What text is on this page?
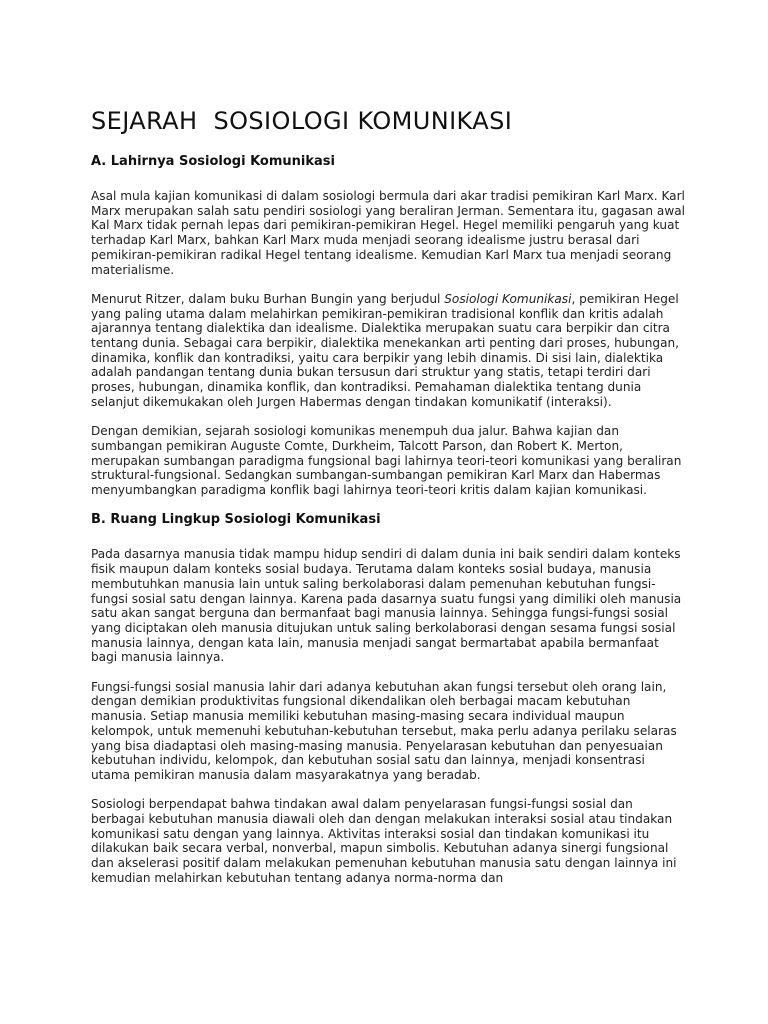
SEJARAH  SOSIOLOGI KOMUNIKASI
A. Lahirnya Sosiologi Komunikasi

Asal mula kajian komunikasi di dalam sosiologi bermula dari akar tradisi pemikiran Karl Marx. Karl Marx merupakan salah satu pendiri sosiologi yang beraliran Jerman. Sementara itu, gagasan awal Kal Marx tidak pernah lepas dari pemikiran-pemikiran Hegel. Hegel memiliki pengaruh yang kuat terhadap Karl Marx, bahkan Karl Marx muda menjadi seorang idealisme justru berasal dari pemikiran-pemikiran radikal Hegel tentang idealisme. Kemudian Karl Marx tua menjadi seorang materialisme.

Menurut Ritzer, dalam buku Burhan Bungin yang berjudul Sosiologi Komunikasi, pemikiran Hegel yang paling utama dalam melahirkan pemikiran-pemikiran tradisional konflik dan kritis adalah ajarannya tentang dialektika dan idealisme. Dialektika merupakan suatu cara berpikir dan citra tentang dunia. Sebagai cara berpikir, dialektika menekankan arti penting dari proses, hubungan, dinamika, konflik dan kontradiksi, yaitu cara berpikir yang lebih dinamis. Di sisi lain, dialektika adalah pandangan tentang dunia bukan tersusun dari struktur yang statis, tetapi terdiri dari proses, hubungan, dinamika konflik, dan kontradiksi. Pemahaman dialektika tentang dunia selanjut dikemukakan oleh Jurgen Habermas dengan tindakan komunikatif (interaksi).

Dengan demikian, sejarah sosiologi komunikas menempuh dua jalur. Bahwa kajian dan sumbangan pemikiran Auguste Comte, Durkheim, Talcott Parson, dan Robert K. Merton, merupakan sumbangan paradigma fungsional bagi lahirnya teori-teori komunikasi yang beraliran struktural-fungsional. Sedangkan sumbangan-sumbangan pemikiran Karl Marx dan Habermas menyumbangkan paradigma konflik bagi lahirnya teori-teori kritis dalam kajian komunikasi.

B. Ruang Lingkup Sosiologi Komunikasi

Pada dasarnya manusia tidak mampu hidup sendiri di dalam dunia ini baik sendiri dalam konteks fisik maupun dalam konteks sosial budaya. Terutama dalam konteks sosial budaya, manusia membutuhkan manusia lain untuk saling berkolaborasi dalam pemenuhan kebutuhan fungsi-fungsi sosial satu dengan lainnya. Karena pada dasarnya suatu fungsi yang dimiliki oleh manusia satu akan sangat berguna dan bermanfaat bagi manusia lainnya. Sehingga fungsi-fungsi sosial yang diciptakan oleh manusia ditujukan untuk saling berkolaborasi dengan sesama fungsi sosial manusia lainnya, dengan kata lain, manusia menjadi sangat bermartabat apabila bermanfaat bagi manusia lainnya.

Fungsi-fungsi sosial manusia lahir dari adanya kebutuhan akan fungsi tersebut oleh orang lain, dengan demikian produktivitas fungsional dikendalikan oleh berbagai macam kebutuhan manusia. Setiap manusia memiliki kebutuhan masing-masing secara individual maupun kelompok, untuk memenuhi kebutuhan-kebutuhan tersebut, maka perlu adanya perilaku selaras yang bisa diadaptasi oleh masing-masing manusia. Penyelarasan kebutuhan dan penyesuaian kebutuhan individu, kelompok, dan kebutuhan sosial satu dan lainnya, menjadi konsentrasi utama pemikiran manusia dalam masyarakatnya yang beradab.

Sosiologi berpendapat bahwa tindakan awal dalam penyelarasan fungsi-fungsi sosial dan berbagai kebutuhan manusia diawali oleh dan dengan melakukan interaksi sosial atau tindakan komunikasi satu dengan yang lainnya. Aktivitas interaksi sosial dan tindakan komunikasi itu dilakukan baik secara verbal, nonverbal, mapun simbolis. Kebutuhan adanya sinergi fungsional dan akselerasi positif dalam melakukan pemenuhan kebutuhan manusia satu dengan lainnya ini kemudian melahirkan kebutuhan tentang adanya norma-norma dan
